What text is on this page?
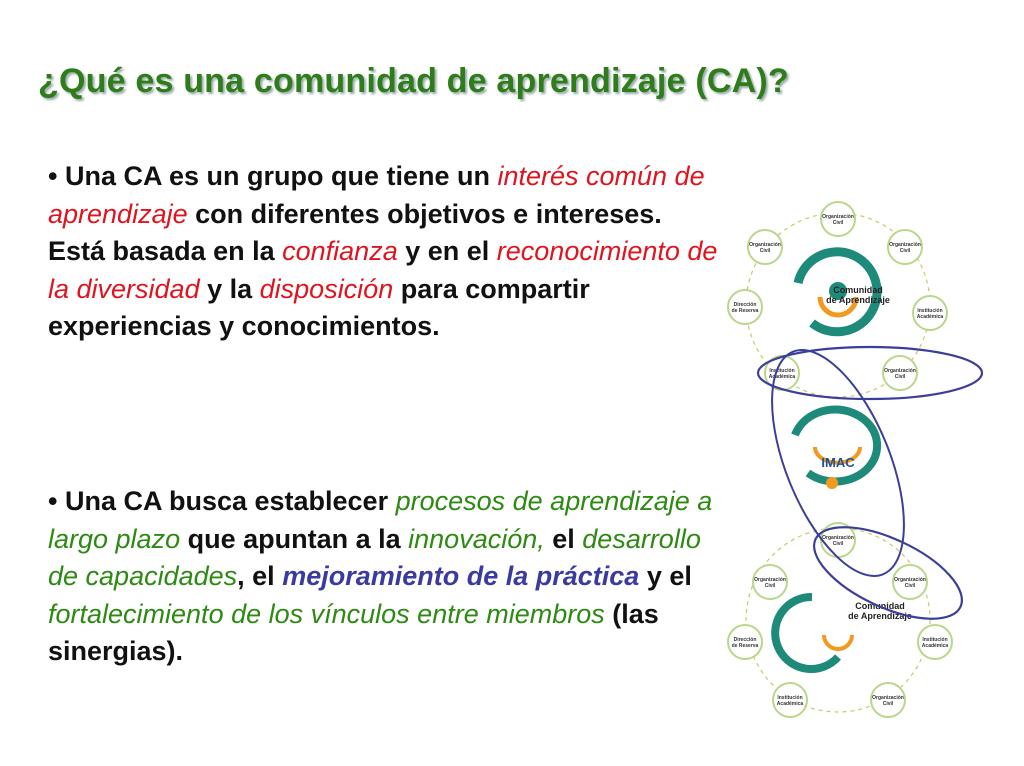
¿Qué es una comunidad de aprendizaje (CA)?
• Una CA es un grupo que tiene un interés común de aprendizaje con diferentes objetivos e intereses. Está basada en la confianza y en el reconocimiento de la diversidad y la disposición para compartir experiencias y conocimientos.
• Una CA busca establecer procesos de aprendizaje a largo plazo que apuntan a la innovación, el desarrollo de capacidades, el mejoramiento de la práctica y el fortalecimiento de los vínculos entre miembros (las sinergias).
Comunidad
de Aprendizaje
IMAC
Comunidad
de Aprendizaje
Organización
Civil
Organización
Civil
Institución
Académica
Organización
Civil
Institución
Académica
Dirección
de Reserva
Organización
Civil
Organización
Civil
Organización
Civil
Institución
Académica
Organización
Civil
Institución
Académica
Dirección
de Reserva
Organización
Civil
